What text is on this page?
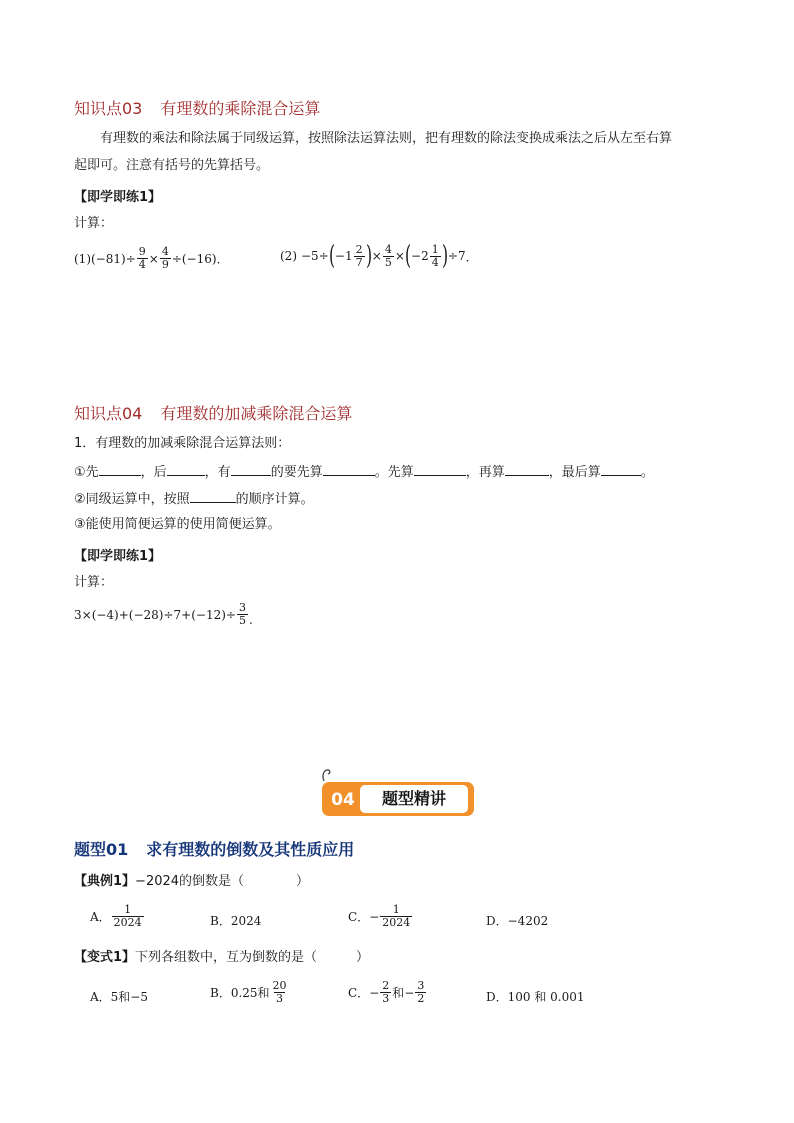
知识点03 有理数的乘除混合运算
有理数的乘法和除法属于同级运算，按照除法运算法则，把有理数的除法变换成乘法之后从左至右算
起即可。注意有括号的先算括号。
【即学即练1】
计算：
(1) $(-81)\div \frac{9}{4} \times \frac{4}{9} \div(-16)$ ．	(2) −5÷ ( $-1 \frac{2}{7}$ ) × $\frac{4}{5}$ × ( $-2 \frac{1}{4}$ ) ÷7 ．
知识点04 有理数的加减乘除混合运算
1．有理数的加减乘除混合运算法则：
①先	，后	，有	的要先算	。先算	，再算	，最后算	。
②同级运算中，按照	的顺序计算。
③能使用简便运算的使用简便运算。
【即学即练1】
计算：
$3\times(-4)+(-28)\div 7+(-12)\div \frac{3}{5}$ .
04	题型精讲
题型01 求有理数的倒数及其性质应用
【典例1】−2024的倒数是（　　　　）
A． $\frac{1}{2024}$	B． 2024	C． − $\frac{1}{2024}$	D． −4202
【变式1】下列各组数中，互为倒数的是（　　　）
A．5和−5	B．0.25和 $\frac{20}{3}$	C． − $\frac{2}{3}$ 和 − $\frac{3}{2}$	D．100 和 0.001
